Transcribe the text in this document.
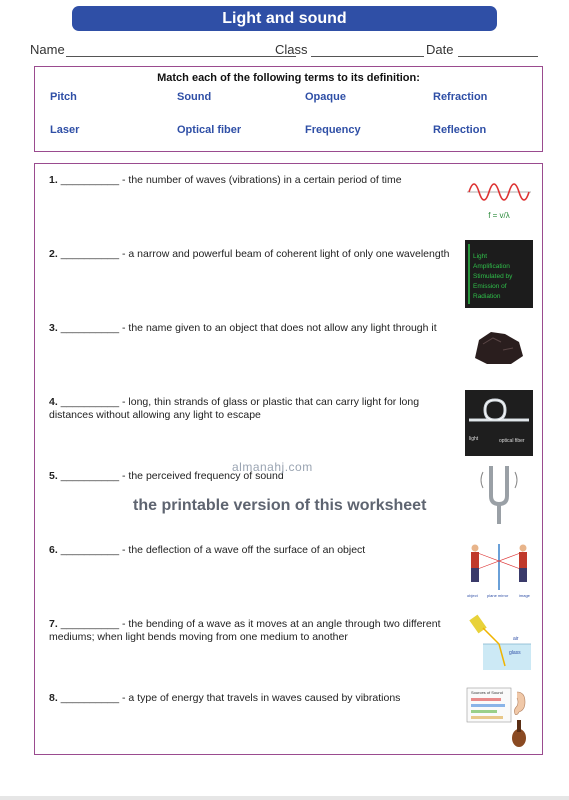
Light and sound
Name	Class	Date
Match each of the following terms to its definition:
Pitch	Sound	Opaque	Refraction
Laser	Optical fiber	Frequency	Reflection
1. __________ - the number of waves (vibrations) in a certain period of time
f = v/λ
2. __________ - a narrow and powerful beam of coherent light of only one wavelength	Light
Amplification
Stimulated by
Emission of
Radiation
3. __________ - the name given to an object that does not allow any light through it
4. __________ - long, thin strands of glass or plastic that can carry light for long distances without allowing any light to escape
light	optical fiber
5. __________ - the perceived frequency of sound
6. __________ - the deflection of a wave off the surface of an object
object plane mirror	image
7. __________ - the bending of a wave as it moves at an angle through two different mediums; when light bends moving from one medium to another	air
glass
8. __________ - a type of energy that travels in waves caused by vibrations	Sources of Sound
almanahj.com
the printable version of this worksheet
